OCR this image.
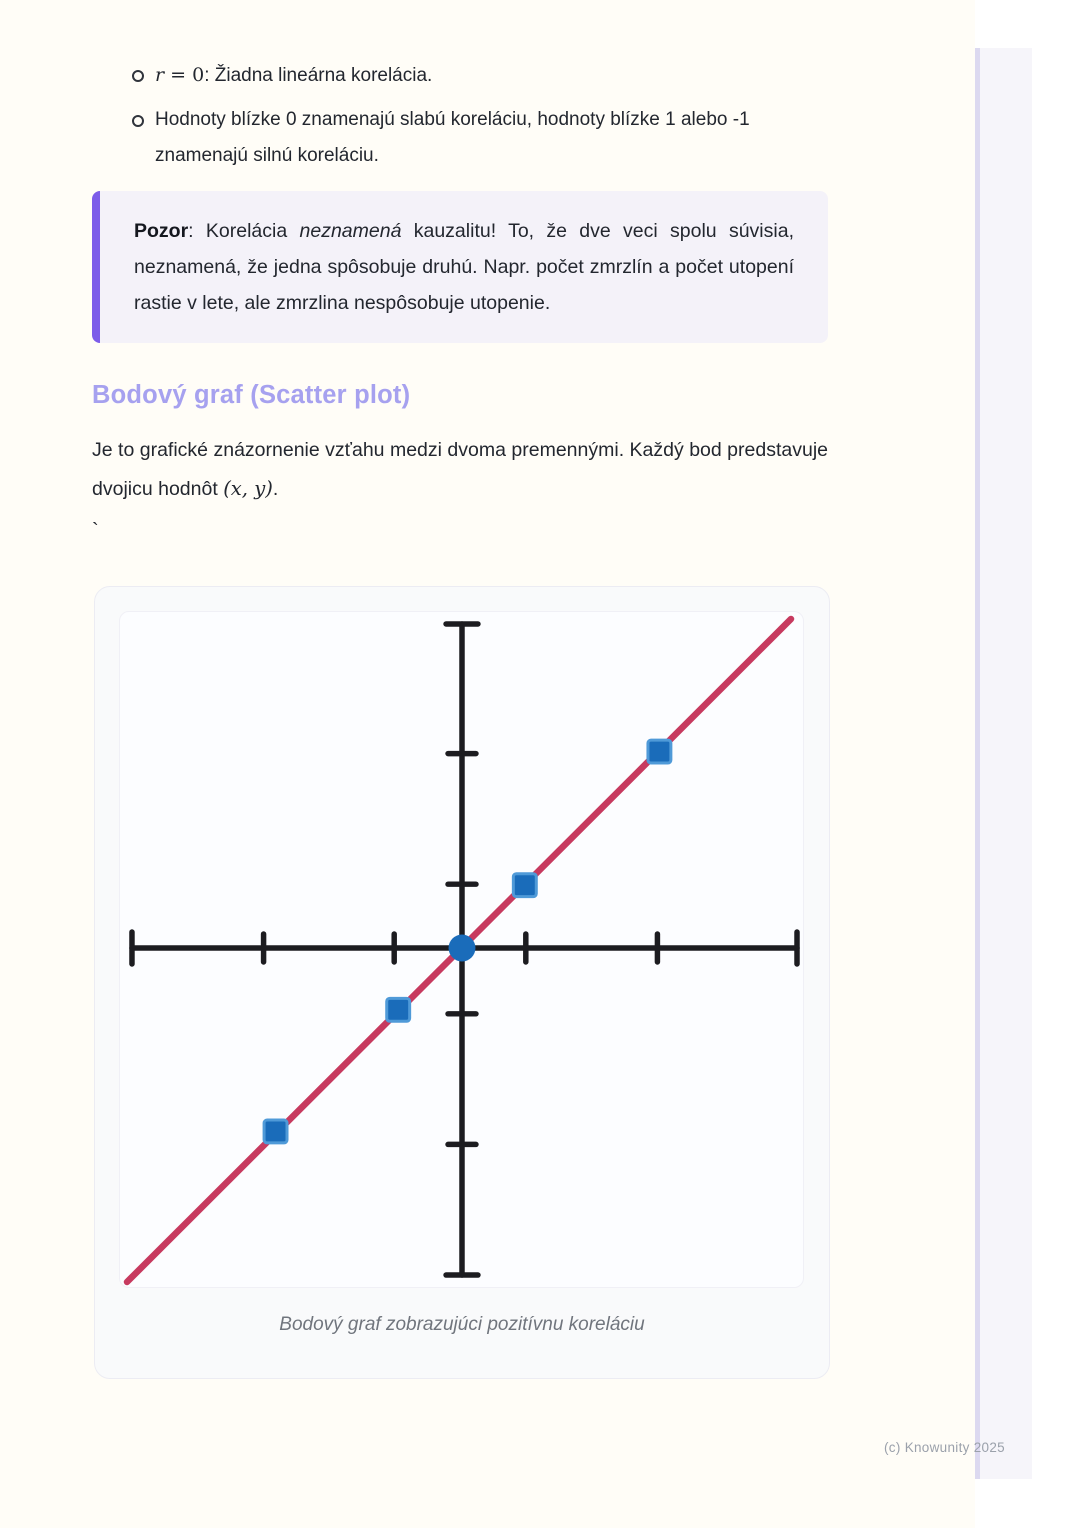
r = 0: Žiadna lineárna korelácia.
Hodnoty blízke 0 znamenajú slabú koreláciu, hodnoty blízke 1 alebo -1 znamenajú silnú koreláciu.

Pozor: Korelácia neznamená kauzalitu! To, že dve veci spolu súvisia, neznamená, že jedna spôsobuje druhú. Napr. počet zmrzlín a počet utopení rastie v lete, ale zmrzlina nespôsobuje utopenie.

Bodový graf (Scatter plot)

Je to grafické znázornenie vzťahu medzi dvoma premennými. Každý bod predstavuje dvojicu hodnôt (x, y).

`
Bodový graf zobrazujúci pozitívnu koreláciu
(c) Knowunity 2025
